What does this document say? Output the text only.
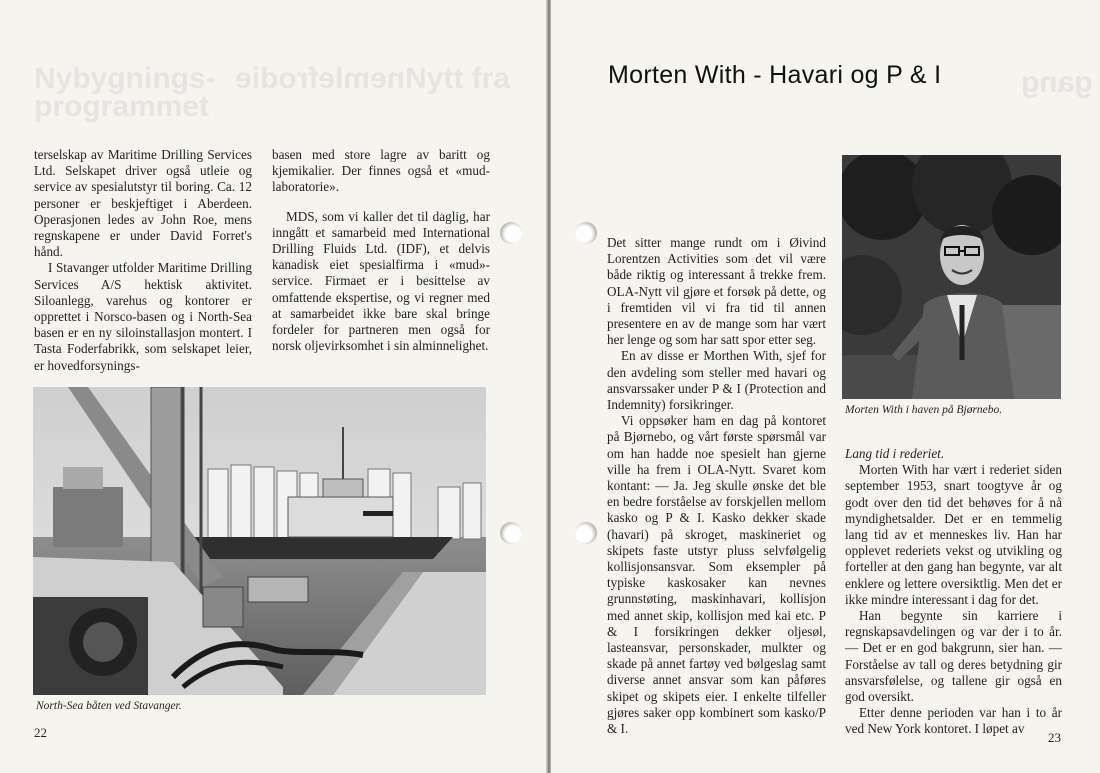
Nybygnings-
programmet
nemlefrodie Nytt fra

terselskap av Maritime Drilling Services Ltd. Selskapet driver også utleie og service av spesialutstyr til boring. Ca. 12 personer er beskjeftiget i Aberdeen. Operasjonen ledes av John Roe, mens regnskapene er under David Forret's hånd.

I Stavanger utfolder Maritime Drilling Services A/S hektisk aktivitet. Siloanlegg, varehus og kontorer er opprettet i Norsco-basen og i North-Sea basen er en ny siloinstallasjon montert. I Tasta Foderfabrikk, som selskapet leier, er hovedforsynings-

basen med store lagre av baritt og kjemikalier. Der finnes også et «mud-laboratorie».

MDS, som vi kaller det til daglig, har inngått et samarbeid med International Drilling Fluids Ltd. (IDF), et delvis kanadisk eiet spesialfirma i «mud»-service. Firmaet er i besittelse av omfattende ekspertise, og vi regner med at samarbeidet ikke bare skal bringe fordeler for partneren men også for norsk oljevirksomhet i sin alminnelighet.

North-Sea båten ved Stavanger.
22
gang
Morten With - Havari og P & I

Det sitter mange rundt om i Øivind Lorentzen Activities som det vil være både riktig og interessant å trekke frem. OLA-Nytt vil gjøre et forsøk på dette, og i fremtiden vil vi fra tid til annen presentere en av de mange som har vært her lenge og som har satt spor etter seg.

En av disse er Morthen With, sjef for den avdeling som steller med havari og ansvarssaker under P & I (Protection and Indemnity) forsikringer.

Vi oppsøker ham en dag på kontoret på Bjørnebo, og vårt første spørsmål var om han hadde noe spesielt han gjerne ville ha frem i OLA-Nytt. Svaret kom kontant: — Ja. Jeg skulle ønske det ble en bedre forståelse av forskjellen mellom kasko og P & I. Kasko dekker skade (havari) på skroget, maskineriet og skipets faste utstyr pluss selvfølgelig kollisjonsansvar. Som eksempler på typiske kaskosaker kan nevnes grunnstøting, maskinhavari, kollisjon med annet skip, kollisjon med kai etc. P & I forsikringen dekker oljesøl, lasteansvar, personskader, mulkter og skade på annet fartøy ved bølgeslag samt diverse annet ansvar som kan påføres skipet og skipets eier. I enkelte tilfeller gjøres saker opp kombinert som kasko/P & I.

Morten With i haven på Bjørnebo.

Lang tid i rederiet.

Morten With har vært i rederiet siden september 1953, snart toogtyve år og godt over den tid det behøves for å nå myndighetsalder. Det er en temmelig lang tid av et menneskes liv. Han har opplevet rederiets vekst og utvikling og forteller at den gang han begynte, var alt enklere og lettere oversiktlig. Men det er ikke mindre interessant i dag for det.

Han begynte sin karriere i regnskapsavdelingen og var der i to år. — Det er en god bakgrunn, sier han. — Forståelse av tall og deres betydning gir ansvarsfølelse, og tallene gir også en god oversikt.

Etter denne perioden var han i to år ved New York kontoret. I løpet av

23
